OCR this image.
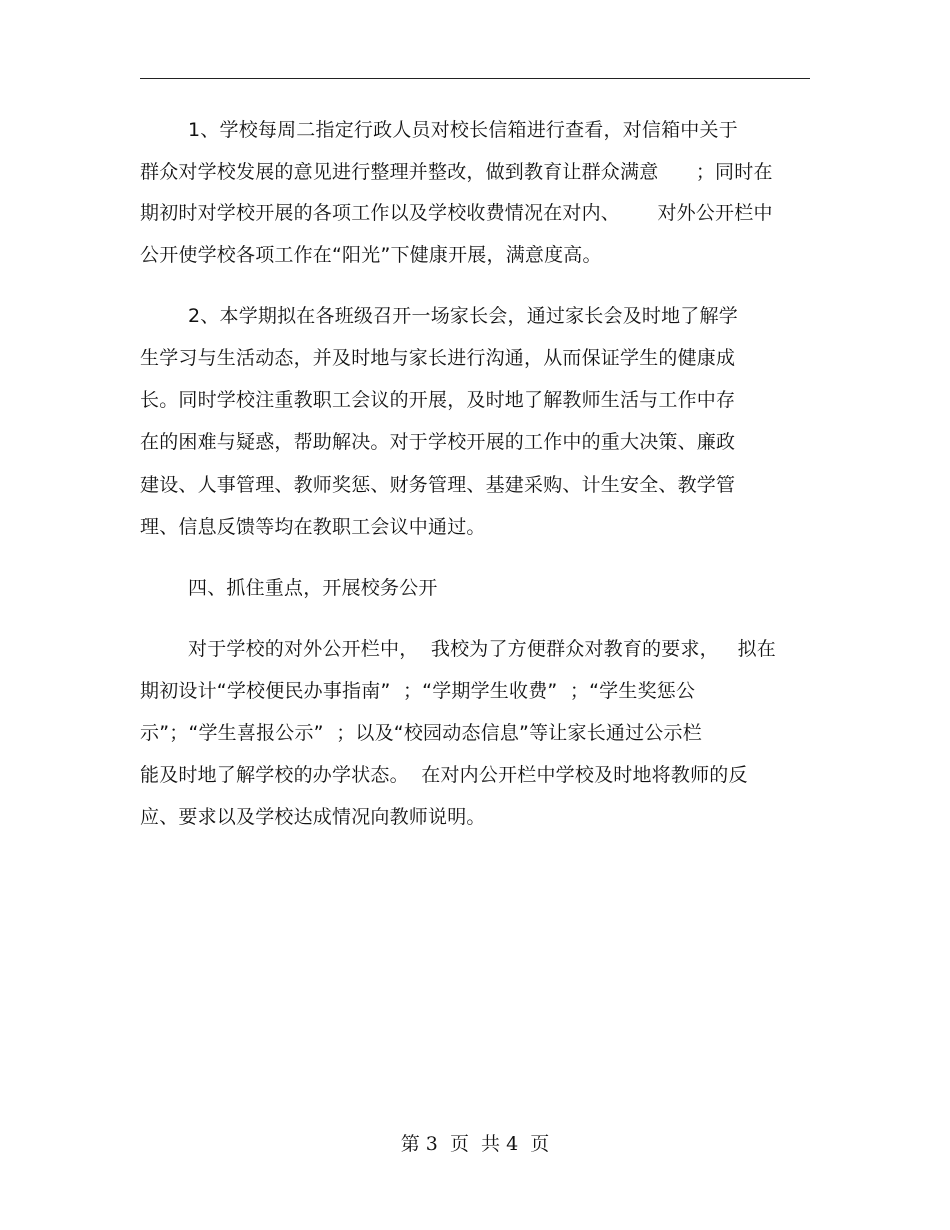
1、学校每周二指定行政人员对校长信箱进行查看，对信箱中关于
群众对学校发展的意见进行整理并整改，做到教育让群众满意      ；同时在
期初时对学校开展的各项工作以及学校收费情况在对内、      对外公开栏中
公开使学校各项工作在“阳光”下健康开展，满意度高。
2、本学期拟在各班级召开一场家长会，通过家长会及时地了解学
生学习与生活动态，并及时地与家长进行沟通，从而保证学生的健康成
长。同时学校注重教职工会议的开展，及时地了解教师生活与工作中存
在的困难与疑惑，帮助解决。对于学校开展的工作中的重大决策、廉政
建设、人事管理、教师奖惩、财务管理、基建采购、计生安全、教学管
理、信息反馈等均在教职工会议中通过。
四、抓住重点，开展校务公开
对于学校的对外公开栏中，  我校为了方便群众对教育的要求，   拟在
期初设计“学校便民办事指南”  ；“学期学生收费”  ；“学生奖惩公
示”；“学生喜报公示”  ；以及“校园动态信息”等让家长通过公示栏
能及时地了解学校的办学状态。  在对内公开栏中学校及时地将教师的反
应、要求以及学校达成情况向教师说明。
第 3  页  共 4  页
